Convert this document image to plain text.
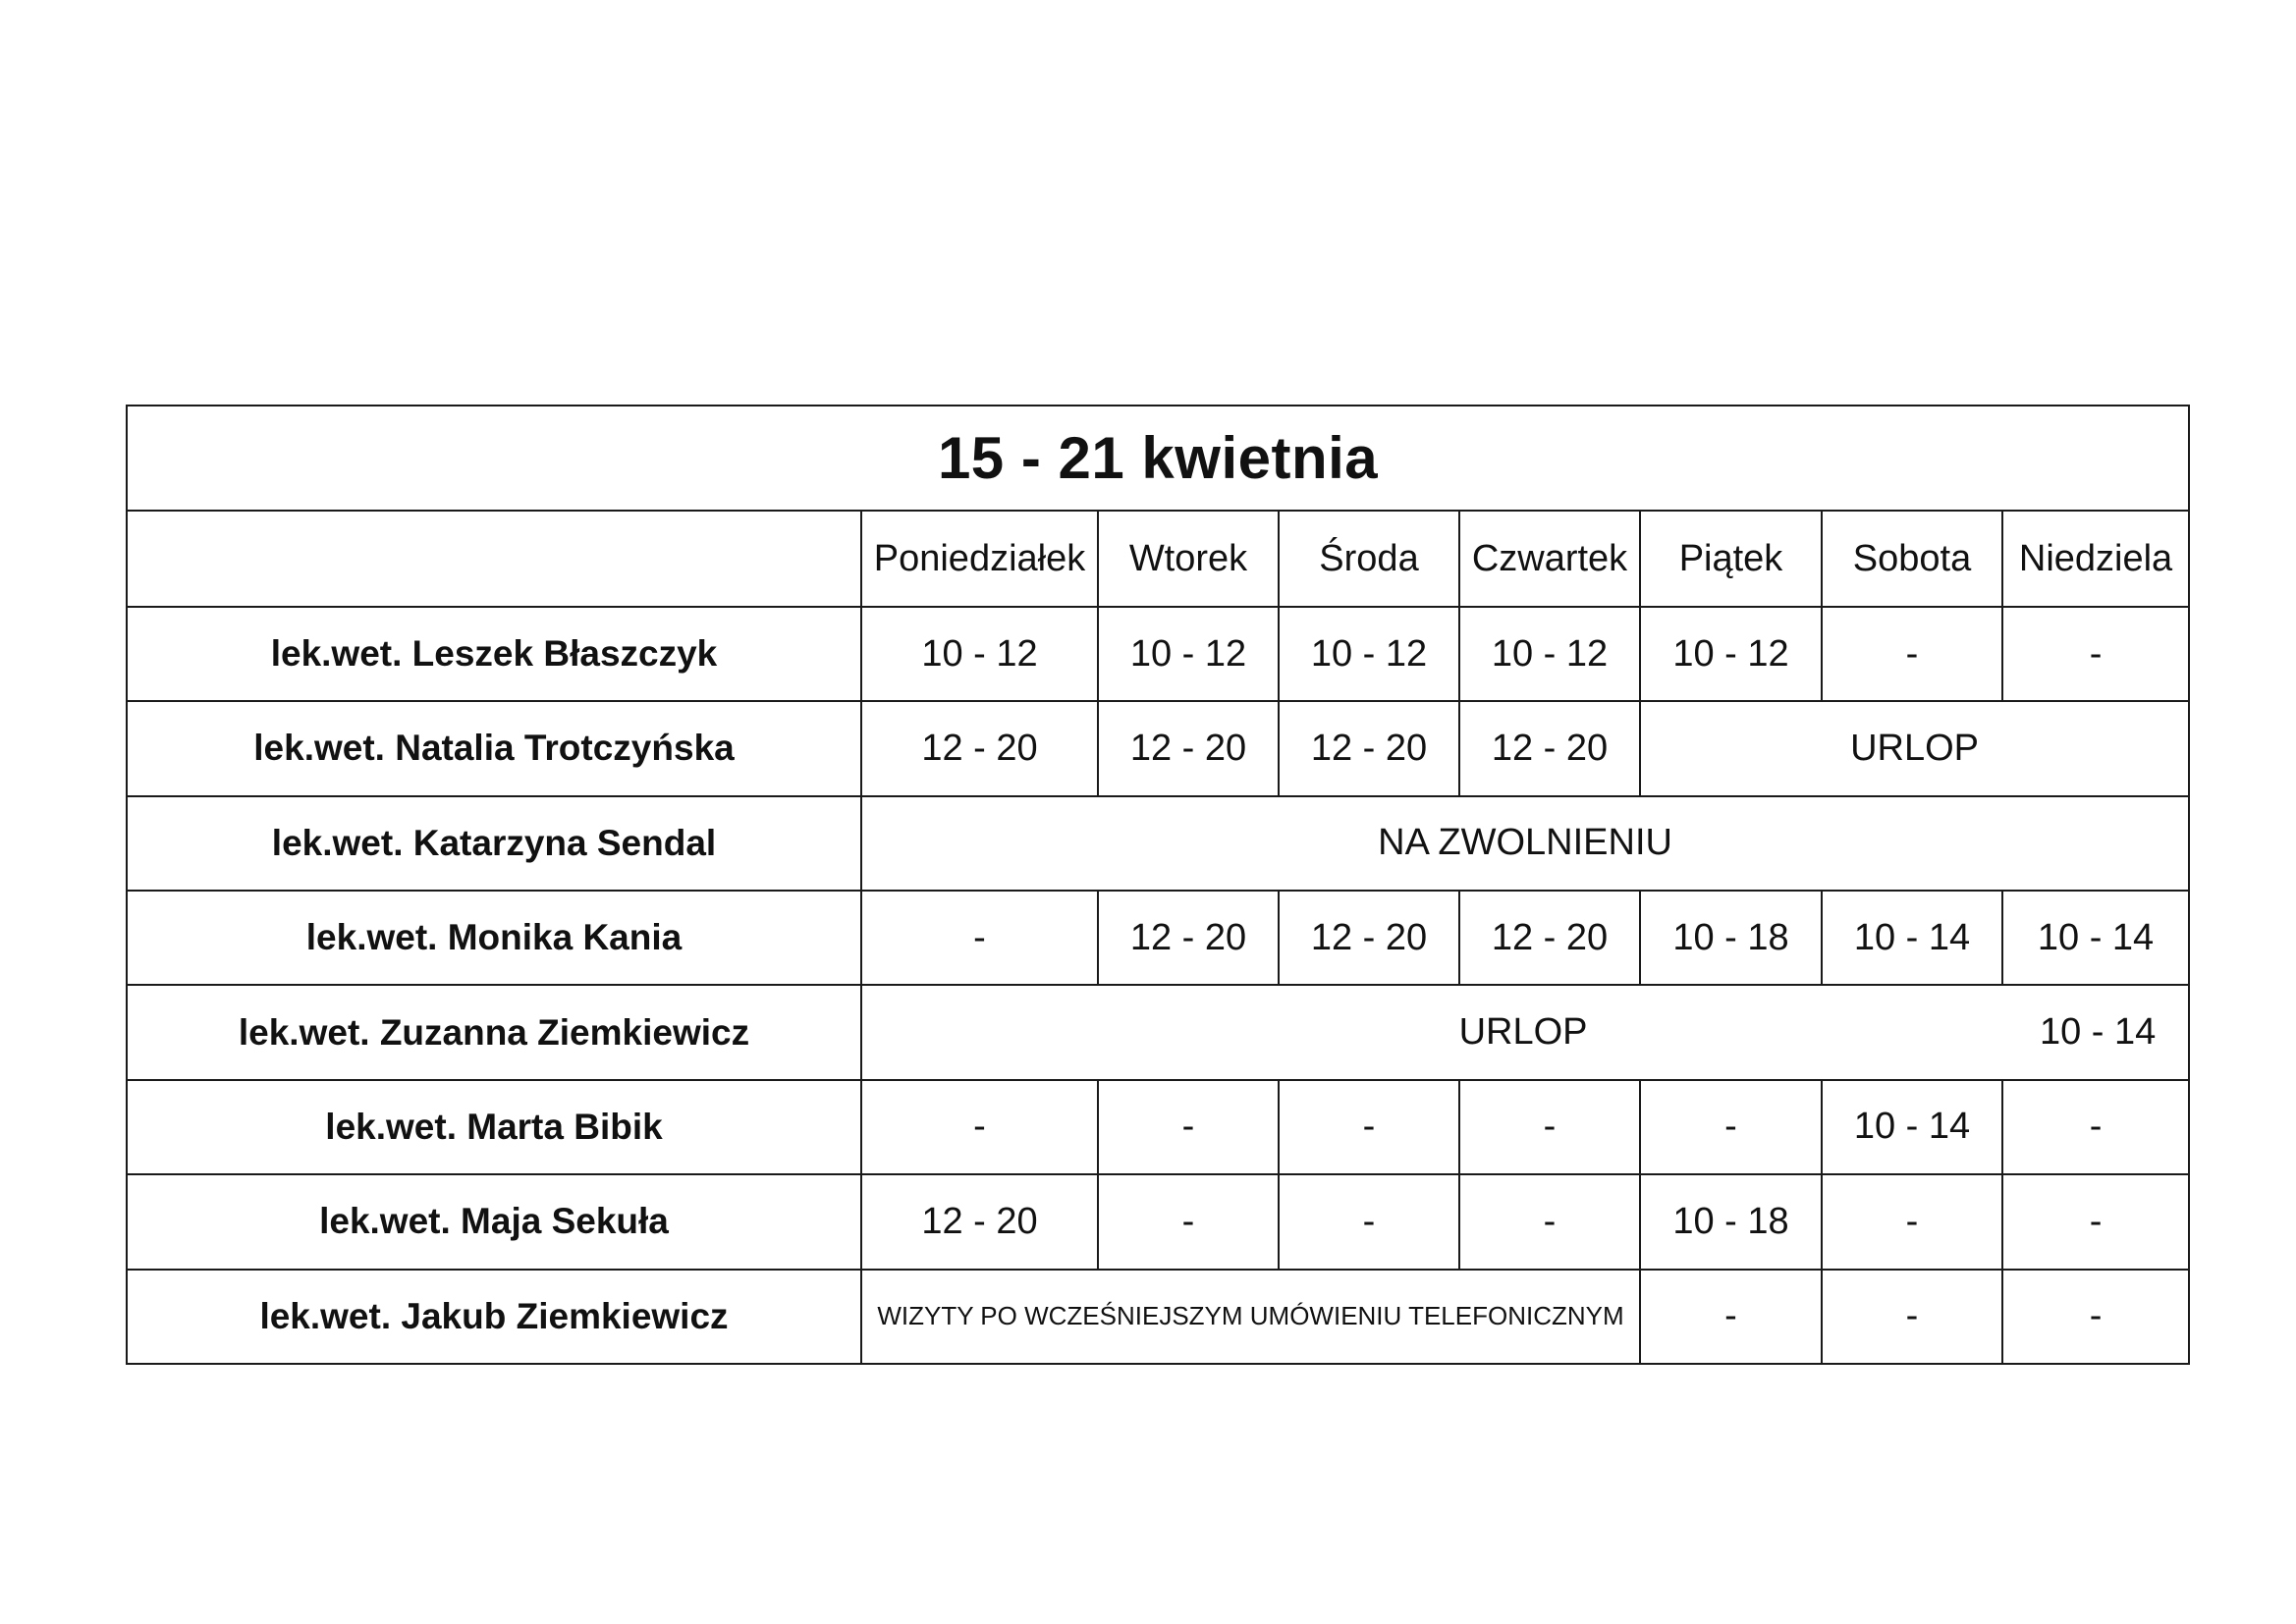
15 - 21 kwietnia							
	Poniedziałek	Wtorek	Środa	Czwartek	Piątek	Sobota	Niedziela
lek.wet. Leszek Błaszczyk	10 - 12	10 - 12	10 - 12	10 - 12	10 - 12	-	-
lek.wet. Natalia Trotczyńska	12 - 20	12 - 20	12 - 20	12 - 20	URLOP		
lek.wet. Katarzyna Sendal	NA ZWOLNIENIU						
lek.wet. Monika Kania	-	12 - 20	12 - 20	12 - 20	10 - 18	10 - 14	10 - 14
lek.wet. Zuzanna Ziemkiewicz	URLOP 10 - 14						

lek.wet. Marta Bibik	-	-	-	-	-	10 - 14	-
lek.wet. Maja Sekuła	12 - 20	-	-	-	10 - 18	-	-
lek.wet. Jakub Ziemkiewicz	WIZYTY PO WCZEŚNIEJSZYM UMÓWIENIU TELEFONICZNYM				-	-	-
